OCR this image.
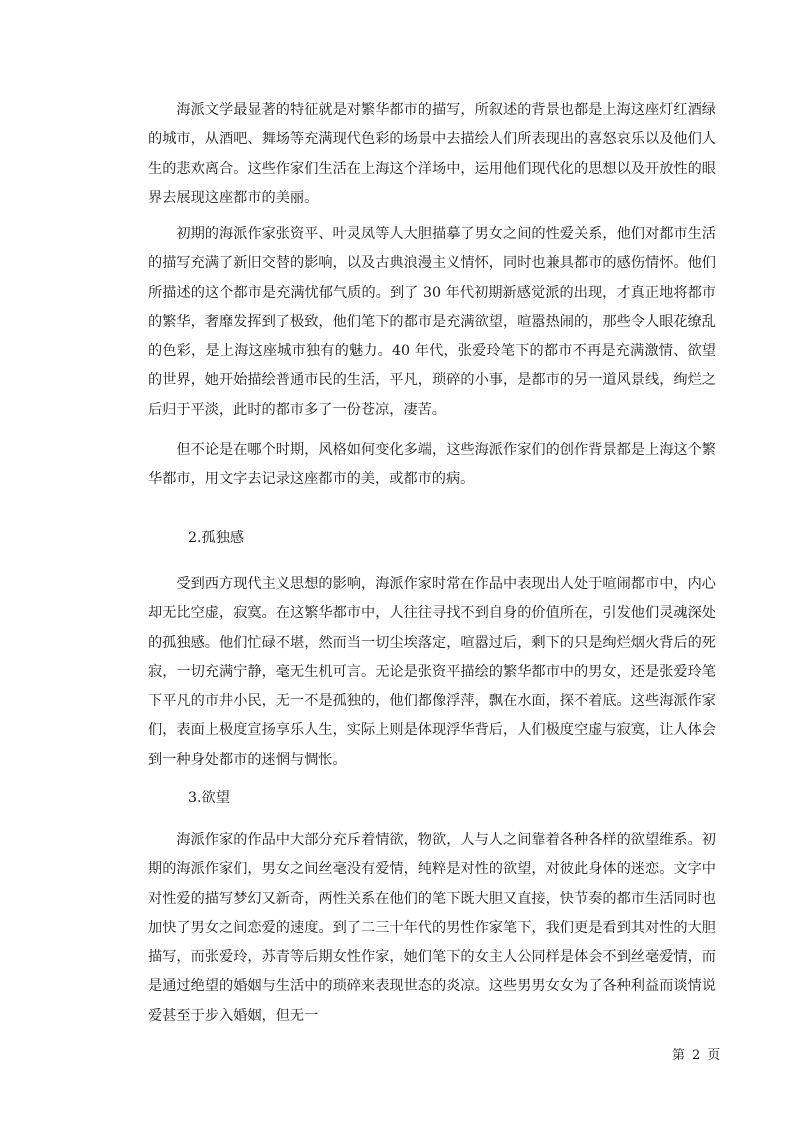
海派文学最显著的特征就是对繁华都市的描写，所叙述的背景也都是上海这座灯红酒绿的城市，从酒吧、舞场等充满现代色彩的场景中去描绘人们所表现出的喜怒哀乐以及他们人生的悲欢离合。这些作家们生活在上海这个洋场中，运用他们现代化的思想以及开放性的眼界去展现这座都市的美丽。

初期的海派作家张资平、叶灵凤等人大胆描摹了男女之间的性爱关系，他们对都市生活的描写充满了新旧交替的影响，以及古典浪漫主义情怀，同时也兼具都市的感伤情怀。他们所描述的这个都市是充满忧郁气质的。到了 30 年代初期新感觉派的出现，才真正地将都市的繁华，奢靡发挥到了极致，他们笔下的都市是充满欲望，喧嚣热闹的，那些令人眼花缭乱的色彩，是上海这座城市独有的魅力。40 年代，张爱玲笔下的都市不再是充满激情、欲望的世界，她开始描绘普通市民的生活，平凡，琐碎的小事，是都市的另一道风景线，绚烂之后归于平淡，此时的都市多了一份苍凉，凄苦。

但不论是在哪个时期，风格如何变化多端，这些海派作家们的创作背景都是上海这个繁华都市，用文字去记录这座都市的美，或都市的病。

2.孤独感

受到西方现代主义思想的影响，海派作家时常在作品中表现出人处于喧闹都市中，内心却无比空虚，寂寞。在这繁华都市中，人往往寻找不到自身的价值所在，引发他们灵魂深处的孤独感。他们忙碌不堪，然而当一切尘埃落定，喧嚣过后，剩下的只是绚烂烟火背后的死寂，一切充满宁静，毫无生机可言。无论是张资平描绘的繁华都市中的男女，还是张爱玲笔下平凡的市井小民，无一不是孤独的，他们都像浮萍，飘在水面，探不着底。这些海派作家们，表面上极度宣扬享乐人生，实际上则是体现浮华背后，人们极度空虚与寂寞，让人体会到一种身处都市的迷惘与惆怅。

3.欲望

海派作家的作品中大部分充斥着情欲，物欲，人与人之间靠着各种各样的欲望维系。初期的海派作家们，男女之间丝毫没有爱情，纯粹是对性的欲望，对彼此身体的迷恋。文字中对性爱的描写梦幻又新奇，两性关系在他们的笔下既大胆又直接，快节奏的都市生活同时也加快了男女之间恋爱的速度。到了二三十年代的男性作家笔下，我们更是看到其对性的大胆描写，而张爱玲，苏青等后期女性作家，她们笔下的女主人公同样是体会不到丝毫爱情，而是通过绝望的婚姻与生活中的琐碎来表现世态的炎凉。这些男男女女为了各种利益而谈情说爱甚至于步入婚姻，但无一

第 2 页
